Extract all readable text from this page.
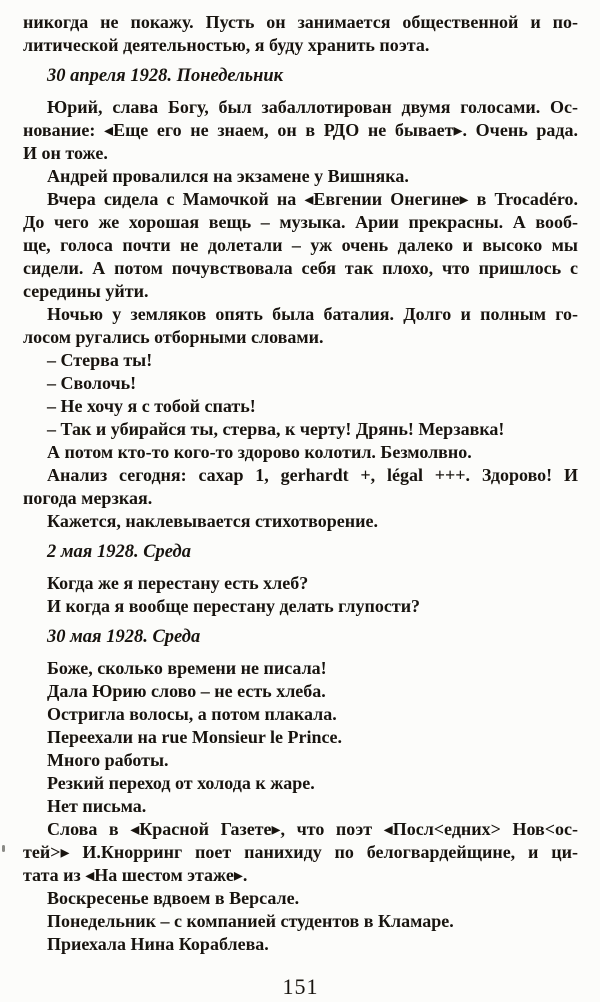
никогда не покажу. Пусть он занимается общественной и по-
литической деятельностью, я буду хранить поэта.
30 апреля 1928. Понедельник
Юрий, слава Богу, был забаллотирован двумя голосами. Ос-
нование: ◂Еще его не знаем, он в РДО не бывает▸. Очень рада.
И он тоже.
Андрей провалился на экзамене у Вишняка.
Вчера сидела с Мамочкой на ◂Евгении Онегине▸ в Trocadéro.
До чего же хорошая вещь – музыка. Арии прекрасны. А вооб-
ще, голоса почти не долетали – уж очень далеко и высоко мы
сидели. А потом почувствовала себя так плохо, что пришлось с
середины уйти.
Ночью у земляков опять была баталия. Долго и полным го-
лосом ругались отборными словами.
– Стерва ты!
– Сволочь!
– Не хочу я с тобой спать!
– Так и убирайся ты, стерва, к черту! Дрянь! Мерзавка!
А потом кто-то кого-то здорово колотил. Безмолвно.
Анализ сегодня: сахар 1, gerhardt +, légal +++. Здорово! И
погода мерзкая.
Кажется, наклевывается стихотворение.
2 мая 1928. Среда
Когда же я перестану есть хлеб?
И когда я вообще перестану делать глупости?
30 мая 1928. Среда
Боже, сколько времени не писала!
Дала Юрию слово – не есть хлеба.
Остригла волосы, а потом плакала.
Переехали на rue Monsieur le Prince.
Много работы.
Резкий переход от холода к жаре.
Нет письма.
Слова в ◂Красной Газете▸, что поэт ◂Посл<едних> Нов<ос-
тей>▸ И.Кнорринг поет панихиду по белогвардейщине, и ци-
тата из ◂На шестом этаже▸.
Воскресенье вдвоем в Версале.
Понедельник – с компанией студентов в Кламаре.
Приехала Нина Кораблева.
151
